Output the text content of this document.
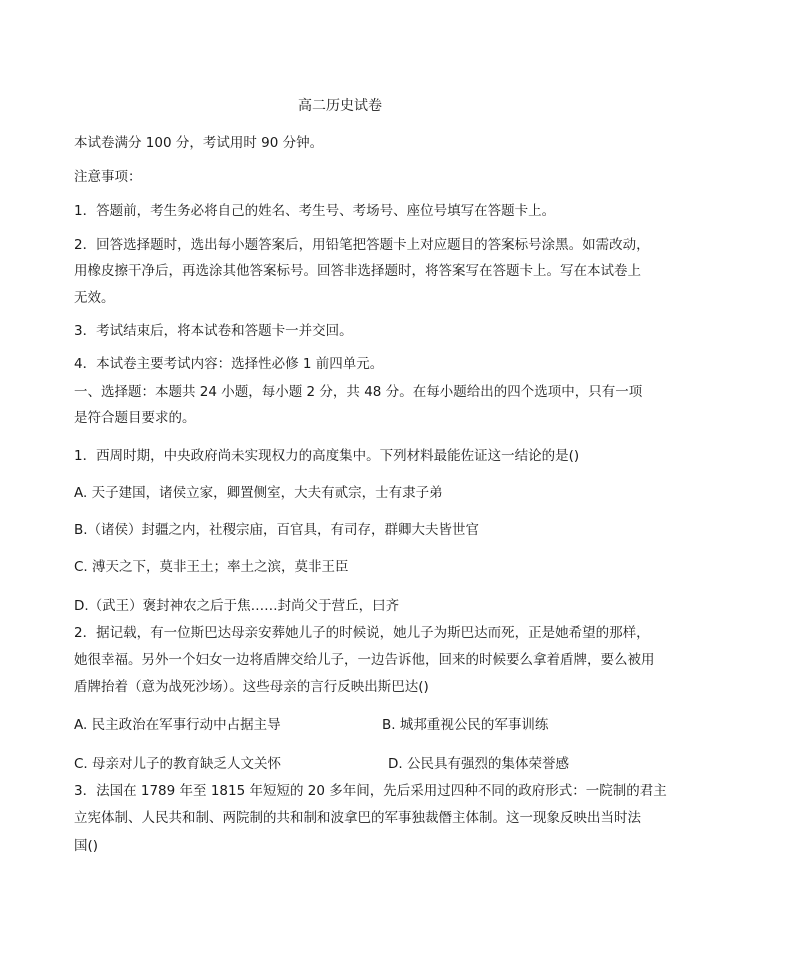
高二历史试卷
本试卷满分 100 分，考试用时 90 分钟。
注意事项：
1．答题前，考生务必将自己的姓名、考生号、考场号、座位号填写在答题卡上。
2．回答选择题时，选出每小题答案后，用铅笔把答题卡上对应题目的答案标号涂黑。如需改动，
用橡皮擦干净后，再选涂其他答案标号。回答非选择题时，将答案写在答题卡上。写在本试卷上
无效。
3．考试结束后，将本试卷和答题卡一并交回。
4．本试卷主要考试内容：选择性必修 1 前四单元。
一、选择题：本题共 24 小题，每小题 2 分，共 48 分。在每小题给出的四个选项中，只有一项
是符合题目要求的。
1．西周时期，中央政府尚未实现权力的高度集中。下列材料最能佐证这一结论的是()
A. 天子建国，诸侯立家，卿置侧室，大夫有贰宗，士有隶子弟
B.（诸侯）封疆之内，社稷宗庙，百官具，有司存，群卿大夫皆世官
C. 溥天之下，莫非王土；率土之滨，莫非王臣
D.（武王）褒封神农之后于焦……封尚父于营丘，曰齐
2．据记载，有一位斯巴达母亲安葬她儿子的时候说，她儿子为斯巴达而死，正是她希望的那样，
她很幸福。另外一个妇女一边将盾牌交给儿子，一边告诉他，回来的时候要么拿着盾牌，要么被用
盾牌抬着（意为战死沙场）。这些母亲的言行反映出斯巴达()
A. 民主政治在军事行动中占据主导	B. 城邦重视公民的军事训练
C. 母亲对儿子的教育缺乏人文关怀	D. 公民具有强烈的集体荣誉感
3．法国在 1789 年至 1815 年短短的 20 多年间，先后采用过四种不同的政府形式：一院制的君主
立宪体制、人民共和制、两院制的共和制和波拿巴的军事独裁僭主体制。这一现象反映出当时法
国()
